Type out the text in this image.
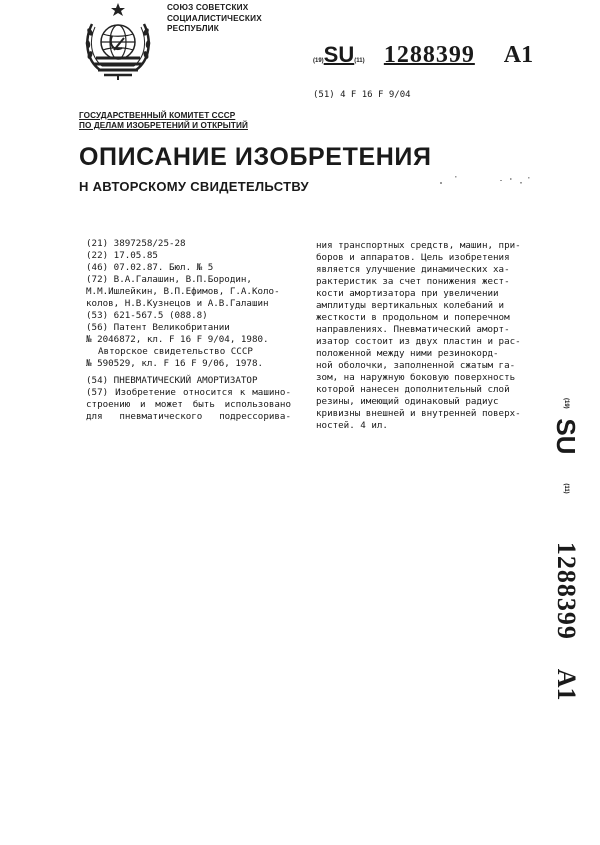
СОЮЗ СОВЕТСКИХ
СОЦИАЛИСТИЧЕСКИХ
РЕСПУБЛИК
(19)SU(11) 1288399 A1
(51) 4 F 16 F 9/04
ГОСУДАРСТВЕННЫЙ КОМИТЕТ СССР
ПО ДЕЛАМ ИЗОБРЕТЕНИЙ И ОТКРЫТИЙ
ОПИСАНИЕ ИЗОБРЕТЕНИЯ
Н АВТОРСКОМУ СВИДЕТЕЛЬСТВУ
(21) 3897258/25-28
(22) 17.05.85
(46) 07.02.87. Бюл. № 5
(72) В.А.Галашин, В.П.Бородин,
М.М.Ишлейкин, В.П.Ефимов, Г.А.Коло-
колов, Н.В.Кузнецов и А.В.Галашин
(53) 621-567.5 (088.8)
(56) Патент Великобритании
№ 2046872, кл. F 16 F 9/04, 1980.
Авторское свидетельство СССР
№ 590529, кл. F 16 F 9/06, 1978.
(54) ПНЕВМАТИЧЕСКИЙ АМОРТИЗАТОР
(57) Изобретение относится к машино-
строению и может быть использовано
для пневматического подрессорива-
ния транспортных средств, машин, при-
боров и аппаратов. Цель изобретения
является улучшение динамических ха-
рактеристик за счет понижения жест-
кости амортизатора при увеличении
амплитуды вертикальных колебаний и
жесткости в продольном и поперечном
направлениях. Пневматический аморт-
изатор состоит из двух пластин и рас-
положенной между ними резинокорд-
ной оболочки, заполненной сжатым га-
зом, на наружную боковую поверхность
которой нанесен дополнительный слой
резины, имеющий одинаковый радиус
кривизны внешней и внутренней поверх-
ностей. 4 ил.
(19)

SU

(11)

1288399

A1
